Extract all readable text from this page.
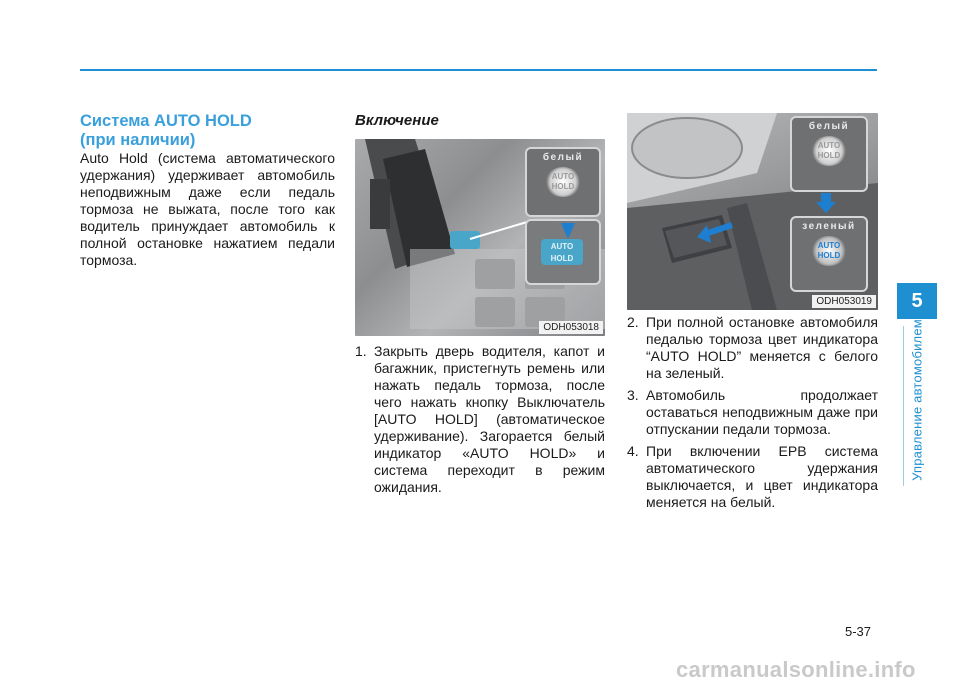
5
Управление автомобилем
Система AUTO HOLD
(при наличии)
Auto Hold (система автоматического удержания) удерживает автомобиль неподвижным даже если педаль тормоза не выжата, после того как водитель принуждает автомобиль к полной остановке нажатием педали тормоза.
Включение
белый
AUTO HOLD
AUTO HOLD
ODH053018
1. Закрыть дверь водителя, капот и багажник, пристегнуть ремень или нажать педаль тормоза, после чего нажать кнопку Выключатель [AUTO HOLD] (автоматическое удерживание). Загорается белый индикатор «AUTO HOLD» и система переходит в режим ожидания.
белый
AUTO HOLD
зеленый
AUTO HOLD
ODH053019
2. При полной остановке автомобиля педалью тормоза цвет индикатора “AUTO HOLD” меняется с белого на зеленый.
3. Автомобиль продолжает оставаться неподвижным даже при отпускании педали тормоза.
4. При включении EPB система автоматического удержания выключается, и цвет индикатора меняется на белый.
5-37
carmanualsonline.info
